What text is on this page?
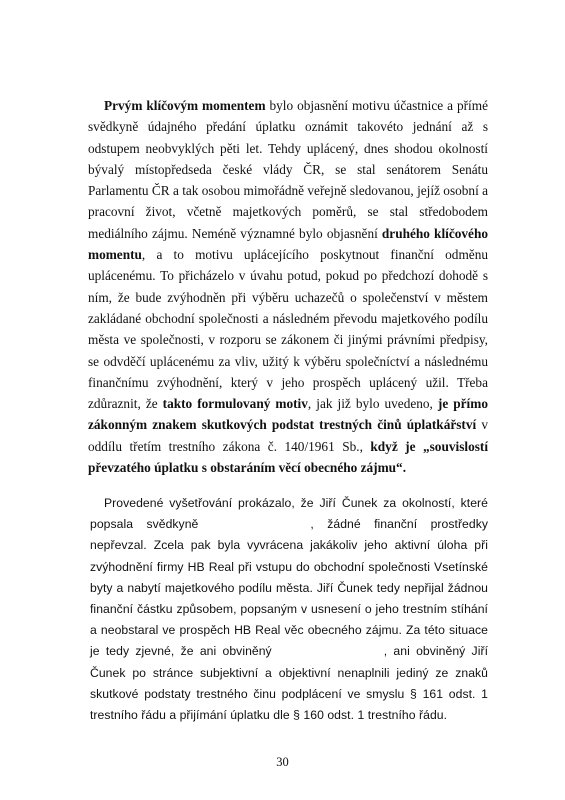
Prvým klíčovým momentem bylo objasnění motivu účastnice a přímé svědkyně údajného předání úplatku oznámit takovéto jednání až s odstupem neobvyklých pěti let. Tehdy uplácený, dnes shodou okolností bývalý místopředseda české vlády ČR, se stal senátorem Senátu Parlamentu ČR a tak osobou mimořádně veřejně sledovanou, jejíž osobní a pracovní život, včetně majetkových poměrů, se stal středobodem mediálního zájmu. Neméně významné bylo objasnění druhého klíčového momentu, a to motivu uplácejícího poskytnout finanční odměnu uplácenému. To přicházelo v úvahu potud, pokud po předchozí dohodě s ním, že bude zvýhodněn při výběru uchazečů o společenství v městem zakládané obchodní společnosti a následném převodu majetkového podílu města ve společnosti, v rozporu se zákonem či jinými právními předpisy, se odvděčí uplácenému za vliv, užitý k výběru společníctví a následnému finančnímu zvýhodnění, který v jeho prospěch uplácený užil. Třeba zdůraznit, že takto formulovaný motiv, jak již bylo uvedeno, je přímo zákonným znakem skutkových podstat trestných činů úplatkářství v oddílu třetím trestního zákona č. 140/1961 Sb., když je „souvislostí převzatého úplatku s obstaráním věcí obecného zájmu“.

Provedené vyšetřování prokázalo, že Jiří Čunek za okolností, které popsala svědkyně	, žádné finanční prostředky nepřevzal. Zcela pak byla vyvrácena jakákoliv jeho aktivní úloha při zvýhodnění firmy HB Real při vstupu do obchodní společnosti Vsetínské byty a nabytí majetkového podílu města. Jiří Čunek tedy nepřijal žádnou finanční částku způsobem, popsaným v usnesení o jeho trestním stíhání a neobstaral ve prospěch HB Real věc obecného zájmu. Za této situace je tedy zjevné, že ani obviněný	, ani obviněný Jiří Čunek po stránce subjektivní a objektivní nenaplnili jediný ze znaků skutkové podstaty trestného činu podplácení ve smyslu § 161 odst. 1 trestního řádu a přijímání úplatku dle § 160 odst. 1 trestního řádu.

30
